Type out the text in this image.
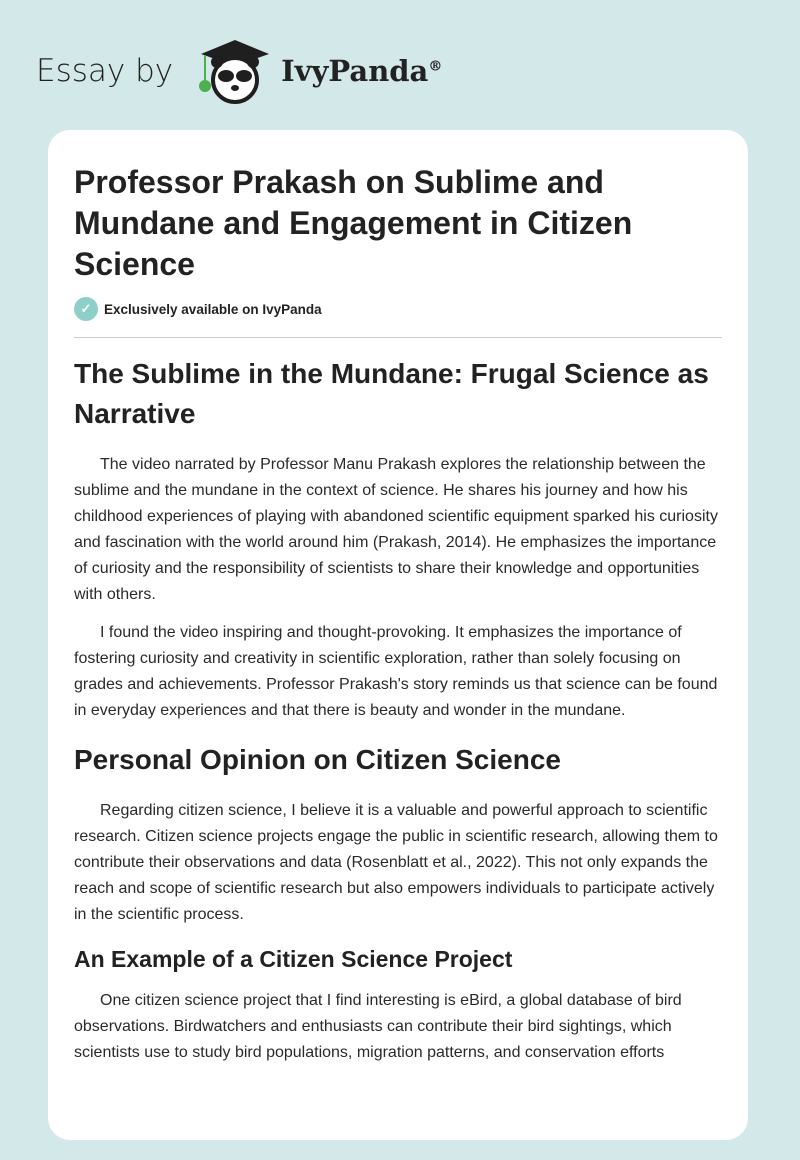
Essay by	IvyPanda®
Professor Prakash on Sublime and Mundane and Engagement in Citizen Science
✓ Exclusively available on IvyPanda
The Sublime in the Mundane: Frugal Science as Narrative

The video narrated by Professor Manu Prakash explores the relationship between the sublime and the mundane in the context of science. He shares his journey and how his childhood experiences of playing with abandoned scientific equipment sparked his curiosity and fascination with the world around him (Prakash, 2014). He emphasizes the importance of curiosity and the responsibility of scientists to share their knowledge and opportunities with others.

I found the video inspiring and thought-provoking. It emphasizes the importance of fostering curiosity and creativity in scientific exploration, rather than solely focusing on grades and achievements. Professor Prakash's story reminds us that science can be found in everyday experiences and that there is beauty and wonder in the mundane.

Personal Opinion on Citizen Science

Regarding citizen science, I believe it is a valuable and powerful approach to scientific research. Citizen science projects engage the public in scientific research, allowing them to contribute their observations and data (Rosenblatt et al., 2022). This not only expands the reach and scope of scientific research but also empowers individuals to participate actively in the scientific process.

An Example of a Citizen Science Project

One citizen science project that I find interesting is eBird, a global database of bird observations. Birdwatchers and enthusiasts can contribute their bird sightings, which scientists use to study bird populations, migration patterns, and conservation efforts
